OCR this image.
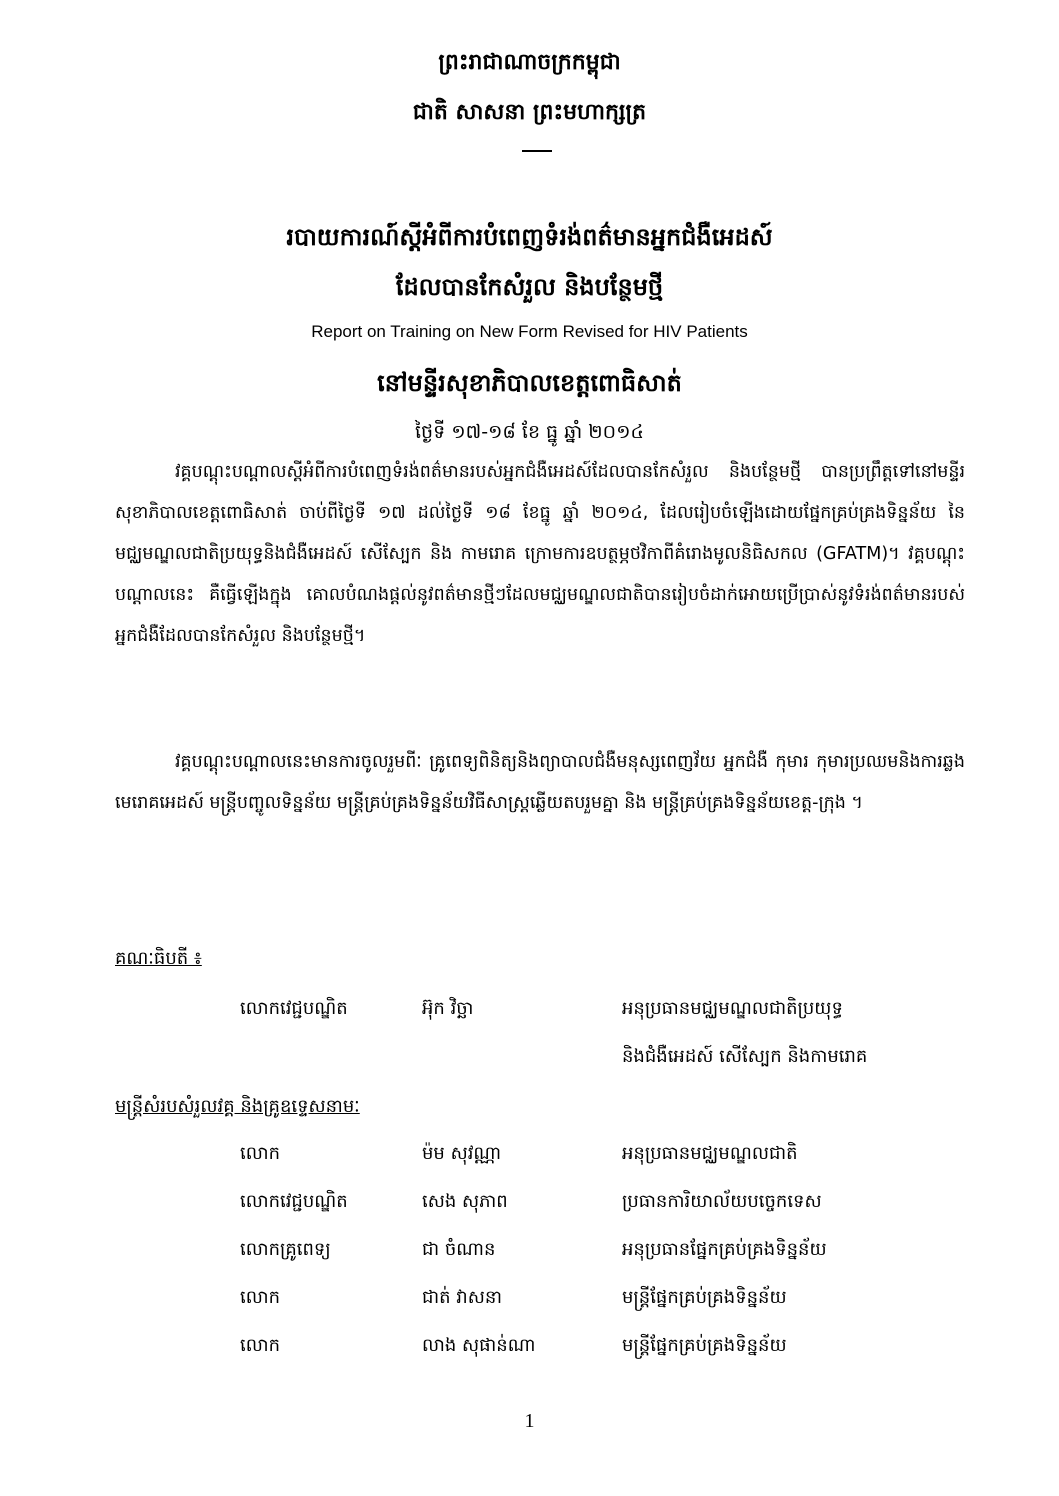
ព្រះរាជាណាចក្រកម្ពុជា
ជាតិ សាសនា ព្រះមហាក្សត្រ
របាយការណ៍ស្តីអំពីការបំពេញទំរង់ពត៌មានអ្នកជំងឺអេដស៍
ដែលបានកែសំរួល និងបន្ថែមថ្មី
Report on Training on New Form Revised for HIV Patients
នៅមន្ទីរសុខាភិបាលខេត្តពោធិសាត់
ថ្ងៃទី ១៧-១៨ ខែ ធ្នូ ឆ្នាំ ២០១៤

វគ្គបណ្តុះបណ្តាលស្តីអំពីការបំពេញទំរង់ពត៌មានរបស់អ្នកជំងឺអេដស៍ដែលបានកែសំរួល និងបន្ថែមថ្មី បានប្រព្រឹត្តទៅនៅមន្ទីរសុខាភិបាលខេត្តពោធិសាត់ ចាប់ពីថ្ងៃទី ១៧ ដល់ថ្ងៃទី ១៨ ខែធ្នូ ឆ្នាំ ២០១៤, ដែលរៀបចំឡើងដោយផ្នែកគ្រប់គ្រងទិន្នន័យ នៃមជ្ឈមណ្ឌលជាតិប្រយុទ្ធនិងជំងឺអេដស៍ សើស្បែក និង កាមរោគ ក្រោមការឧបត្ថម្ភថវិកាពីគំរោងមូលនិធិសកល (GFATM)។ វគ្គបណ្តុះបណ្តាលនេះ គឺធ្វើឡើងក្នុង គោលបំណងផ្តល់នូវពត៌មានថ្មីៗដែលមជ្ឈមណ្ឌលជាតិបានរៀបចំដាក់អោយប្រើប្រាស់នូវទំរង់ពត៌មានរបស់អ្នកជំងឺដែលបានកែសំរួល និងបន្ថែមថ្មី។

វគ្គបណ្តុះបណ្តាលនេះមានការចូលរួមពីៈ គ្រូពេទ្យពិនិត្យនិងព្យាបាលជំងឺមនុស្សពេញវ័យ អ្នកជំងឺ កុមារ កុមារប្រឈមនិងការឆ្លងមេរោគអេដស៍ មន្ត្រីបញ្ចូលទិន្នន័យ មន្ត្រីគ្រប់គ្រងទិន្នន័យវិធីសាស្ត្រឆ្លើយតបរួមគ្នា និង មន្ត្រីគ្រប់គ្រងទិន្នន័យខេត្ត-ក្រុង ។

គណៈធិបតី ៖
លោកវេជ្ជបណ្ឌិត	អ៊ុក វិច្ឆា	អនុប្រធានមជ្ឈមណ្ឌលជាតិប្រយុទ្ធ
និងជំងឺអេដស៍ សើស្បែក និងកាមរោគ
មន្ត្រីសំរបសំរួលវគ្គ និងគ្រូឧទ្ទេសនាមៈ
លោក	ម៉ម សុវណ្ណា	អនុប្រធានមជ្ឈមណ្ឌលជាតិ
លោកវេជ្ជបណ្ឌិត	សេង សុភាព	ប្រធានការិយាល័យបច្ចេកទេស
លោកគ្រូពេទ្យ	ជា ចំណាន	អនុប្រធានផ្នែកគ្រប់គ្រងទិន្នន័យ
លោក	ជាត់ វាសនា	មន្ត្រីផ្នែកគ្រប់គ្រងទិន្នន័យ
លោក	លាង សុផាន់ណា	មន្ត្រីផ្នែកគ្រប់គ្រងទិន្នន័យ
1
